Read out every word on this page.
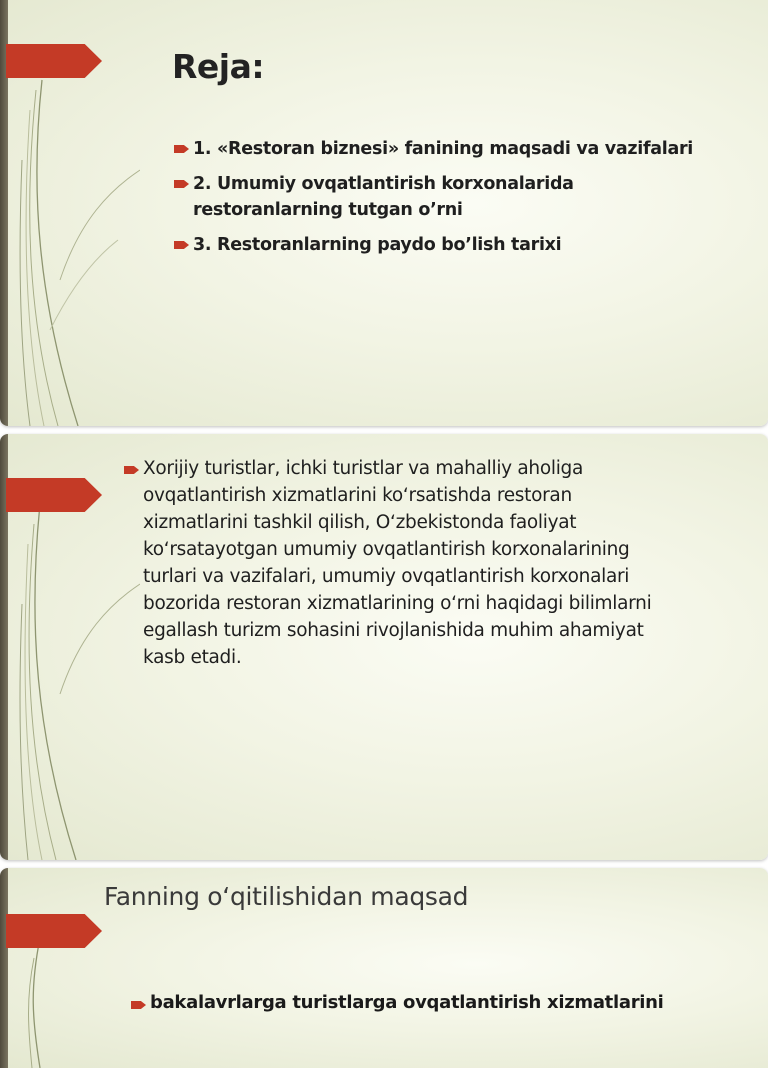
Reja:

1. «Restoran biznesi» fanining maqsadi va vazifalari

2. Umumiy ovqatlantirish korxonalarida

restoranlarning tutgan o’rni

3. Restoranlarning paydo bo’lish tarixi

Xorijiy turistlar, ichki turistlar va mahalliy aholiga
ovqatlantirish xizmatlarini ko‘rsatishda restoran
xizmatlarini tashkil qilish, O‘zbekistonda faoliyat
ko‘rsatayotgan umumiy ovqatlantirish korxonalarining
turlari va vazifalari, umumiy ovqatlantirish korxonalari
bozorida restoran xizmatlarining o‘rni haqidagi bilimlarni
egallash turizm sohasini rivojlanishida muhim ahamiyat
kasb etadi.
Fanning o‘qitilishidan maqsad

bakalavrlarga turistlarga ovqatlantirish xizmatlarini
